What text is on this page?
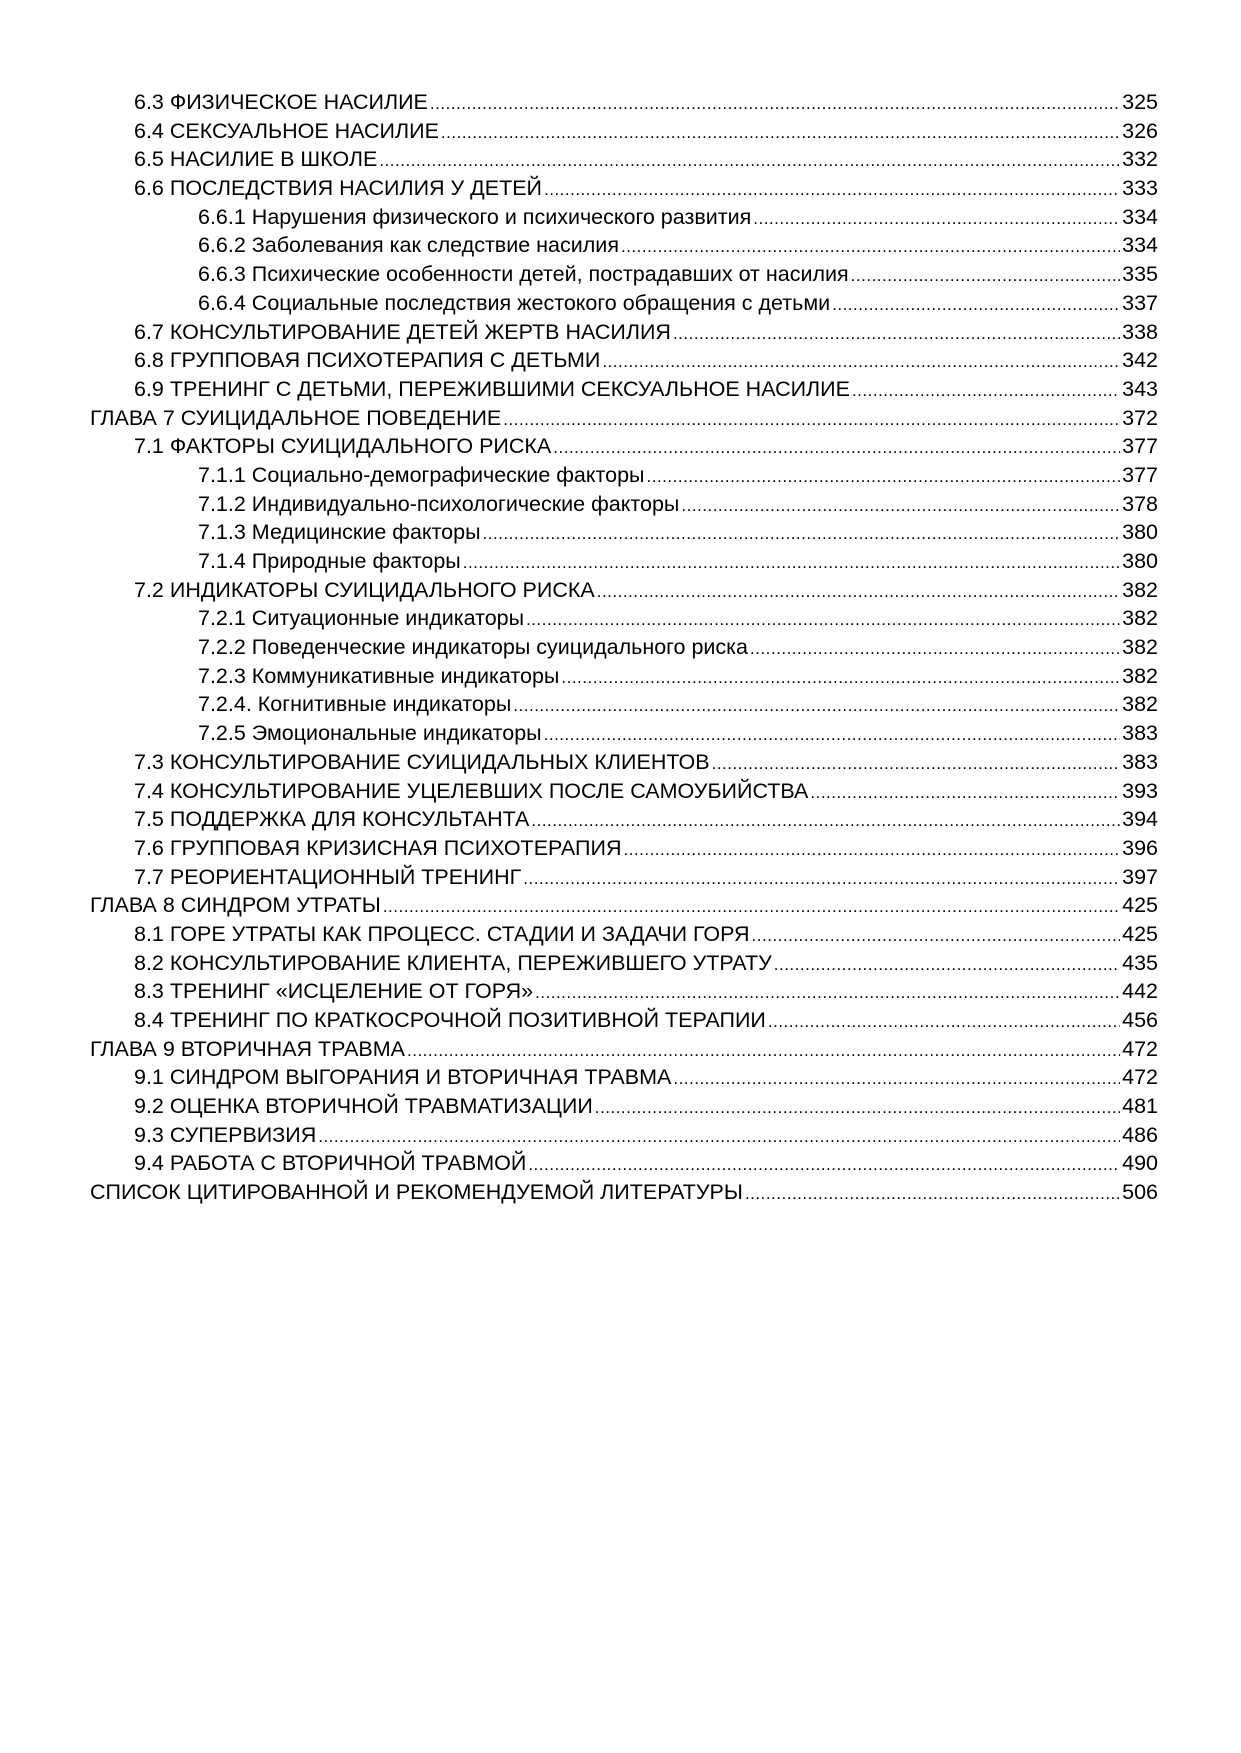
6.3 ФИЗИЧЕСКОЕ НАСИЛИЕ .....	325
6.4 СЕКСУАЛЬНОЕ НАСИЛИЕ .....	326
6.5 НАСИЛИЕ В ШКОЛЕ .....	332
6.6 ПОСЛЕДСТВИЯ НАСИЛИЯ У ДЕТЕЙ .....	333
6.6.1 Нарушения физического и психического развития .....	334
6.6.2 Заболевания как следствие насилия .....	334
6.6.3 Психические особенности детей, пострадавших от насилия .....	335
6.6.4 Социальные последствия жестокого обращения с детьми .....	337
6.7 КОНСУЛЬТИРОВАНИЕ ДЕТЕЙ ЖЕРТВ НАСИЛИЯ .....	338
6.8 ГРУППОВАЯ ПСИХОТЕРАПИЯ С ДЕТЬМИ .....	342
6.9 ТРЕНИНГ С ДЕТЬМИ, ПЕРЕЖИВШИМИ СЕКСУАЛЬНОЕ НАСИЛИЕ .....	343
ГЛАВА 7 СУИЦИДАЛЬНОЕ ПОВЕДЕНИЕ .....	372
7.1 ФАКТОРЫ СУИЦИДАЛЬНОГО РИСКА .....	377
7.1.1 Социально-демографические факторы .....	377
7.1.2 Индивидуально-психологические факторы .....	378
7.1.3 Медицинские факторы .....	380
7.1.4 Природные факторы .....	380
7.2 ИНДИКАТОРЫ СУИЦИДАЛЬНОГО РИСКА .....	382
7.2.1 Ситуационные индикаторы .....	382
7.2.2 Поведенческие индикаторы суицидального риска .....	382
7.2.3 Коммуникативные индикаторы .....	382
7.2.4. Когнитивные индикаторы .....	382
7.2.5 Эмоциональные индикаторы .....	383
7.3 КОНСУЛЬТИРОВАНИЕ СУИЦИДАЛЬНЫХ КЛИЕНТОВ .....	383
7.4 КОНСУЛЬТИРОВАНИЕ УЦЕЛЕВШИХ ПОСЛЕ САМОУБИЙСТВА .....	393
7.5 ПОДДЕРЖКА ДЛЯ КОНСУЛЬТАНТА .....	394
7.6 ГРУППОВАЯ КРИЗИСНАЯ ПСИХОТЕРАПИЯ .....	396
7.7 РЕОРИЕНТАЦИОННЫЙ ТРЕНИНГ .....	397
ГЛАВА 8 СИНДРОМ УТРАТЫ .....	425
8.1 ГОРЕ УТРАТЫ КАК ПРОЦЕСС. СТАДИИ И ЗАДАЧИ ГОРЯ .....	425
8.2 КОНСУЛЬТИРОВАНИЕ КЛИЕНТА, ПЕРЕЖИВШЕГО УТРАТУ .....	435
8.3 ТРЕНИНГ «ИСЦЕЛЕНИЕ ОТ ГОРЯ» .....	442
8.4 ТРЕНИНГ ПО КРАТКОСРОЧНОЙ ПОЗИТИВНОЙ ТЕРАПИИ .....	456
ГЛАВА 9 ВТОРИЧНАЯ ТРАВМА .....	472
9.1 СИНДРОМ ВЫГОРАНИЯ И ВТОРИЧНАЯ ТРАВМА .....	472
9.2 ОЦЕНКА ВТОРИЧНОЙ ТРАВМАТИЗАЦИИ .....	481
9.3 СУПЕРВИЗИЯ .....	486
9.4 РАБОТА С ВТОРИЧНОЙ ТРАВМОЙ .....	490
СПИСОК ЦИТИРОВАННОЙ И РЕКОМЕНДУЕМОЙ ЛИТЕРАТУРЫ .....	506
